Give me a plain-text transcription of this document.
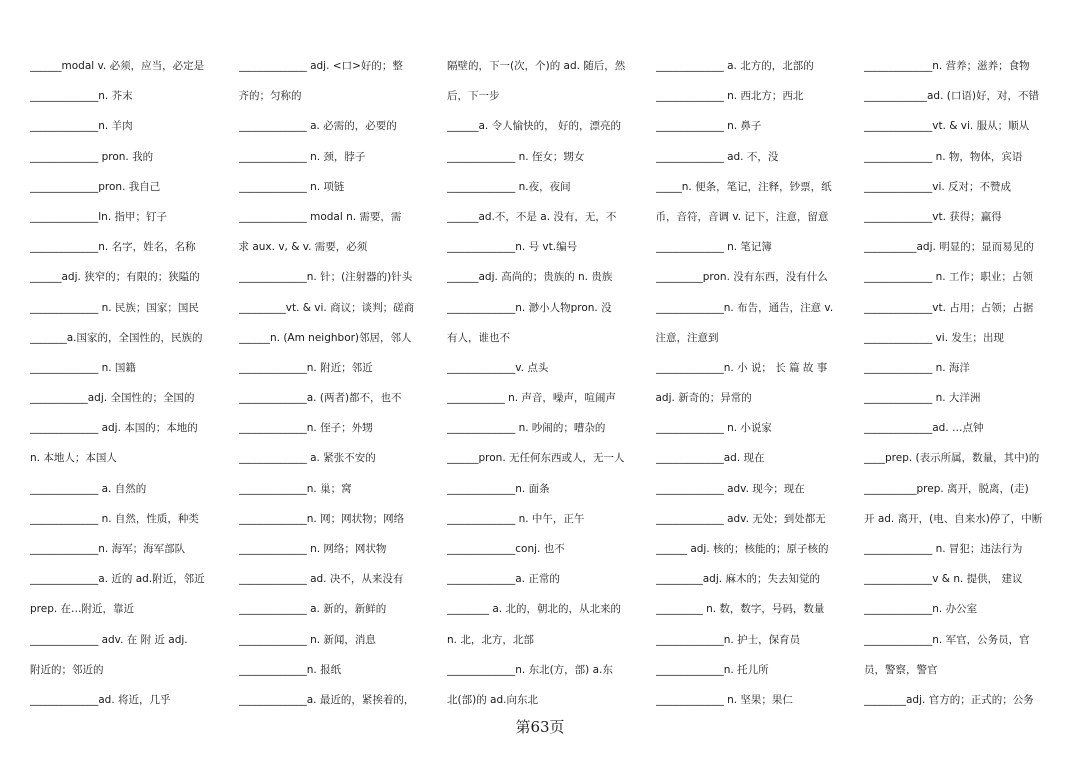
______modal v. 必须，应当，必定是
_____________n. 芥末
_____________n. 羊肉
_____________ pron. 我的
_____________pron. 我自己
_____________ln. 指甲；钉子
_____________n. 名字，姓名，名称
______adj. 狭窄的；有限的；狭隘的
_____________ n. 民族；国家；国民
_______a.国家的，全国性的，民族的
_____________ n. 国籍
___________adj. 全国性的；全国的
_____________ adj. 本国的；本地的
n. 本地人；本国人
_____________ a. 自然的
_____________ n. 自然，性质，种类
_____________n. 海军；海军部队
_____________a. 近的 ad.附近，邻近
prep. 在…附近，靠近
_____________ adv. 在 附 近 adj.
附近的；邻近的
_____________ad. 将近，几乎
_____________ adj. <口>好的；整
齐的；匀称的
_____________ a. 必需的，必要的
_____________ n. 颈，脖子
_____________ n. 项链
_____________ modal n. 需要，需
求 aux. v, & v. 需要，必须
_____________n. 针；(注射器的)针头
_________vt. & vi. 商议；谈判；磋商
______n. (Am neighbor)邻居，邻人
_____________n. 附近；邻近
_____________a. (两者)都不，也不
_____________n. 侄子；外甥
_____________ a. 紧张不安的
_____________n. 巢；窝
_____________n. 网；网状物；网络
_____________ n. 网络；网状物
_____________ ad. 决不，从来没有
_____________ a. 新的，新鲜的
_____________ n. 新闻，消息
_____________n. 报纸
_____________a. 最近的，紧挨着的，
隔壁的，下一(次，个)的 ad. 随后，然
后，下一步
______a. 令人愉快的， 好的，漂亮的
_____________ n. 侄女；甥女
_____________ n.夜，夜间
______ad.不，不是 a. 没有，无，不
_____________n. 号 vt.编号
______adj. 高尚的；贵族的 n. 贵族
_____________n. 渺小人物pron. 没
有人，谁也不
_____________v. 点头
___________ n. 声音，噪声，喧闹声
_____________ n. 吵闹的；嘈杂的
______pron. 无任何东西或人，无一人
_____________n. 面条
_____________ n. 中午，正午
_____________conj. 也不
_____________a. 正常的
________ a. 北的，朝北的，从北来的
n. 北，北方，北部
_____________n. 东北(方，部) a.东
北(部)的 ad.向东北
_____________ a. 北方的，北部的
_____________ n. 西北方；西北
_____________ n. 鼻子
_____________ ad. 不，没
_____n. 便条，笔记，注释，钞票，纸
币，音符，音调 v. 记下，注意，留意
_____________ n. 笔记簿
_________pron. 没有东西，没有什么
_____________n. 布告，通告，注意 v.
注意，注意到
_____________n. 小 说； 长 篇 故 事
adj. 新奇的；异常的
_____________ n. 小说家
_____________ad. 现在
_____________ adv. 现今；现在
_____________ adv. 无处；到处都无
______ adj. 核的；核能的；原子核的
_________adj. 麻木的；失去知觉的
_________ n. 数，数字，号码，数量
_____________n. 护士，保育员
_____________n. 托儿所
_____________ n. 坚果；果仁
_____________n. 营养；滋养；食物
____________ad. (口语)好，对，不错
_____________vt. & vi. 服从；顺从
_____________ n. 物，物体，宾语
_____________vi. 反对；不赞成
_____________vt. 获得；赢得
__________adj. 明显的；显而易见的
_____________ n. 工作；职业；占领
_____________vt. 占用；占领；占据
_____________ vi. 发生；出现
_____________ n. 海洋
_____________ n. 大洋洲
_____________ad. …点钟
____prep. (表示所属，数量，其中)的
__________prep. 离开，脱离，(走)
开 ad. 离开，(电、自来水)停了，中断
_____________ n. 冒犯；违法行为
_____________v & n. 提供， 建议
_____________n. 办公室
_____________n. 军官，公务员，官
员，警察，警官
________adj. 官方的；正式的；公务
第63页
